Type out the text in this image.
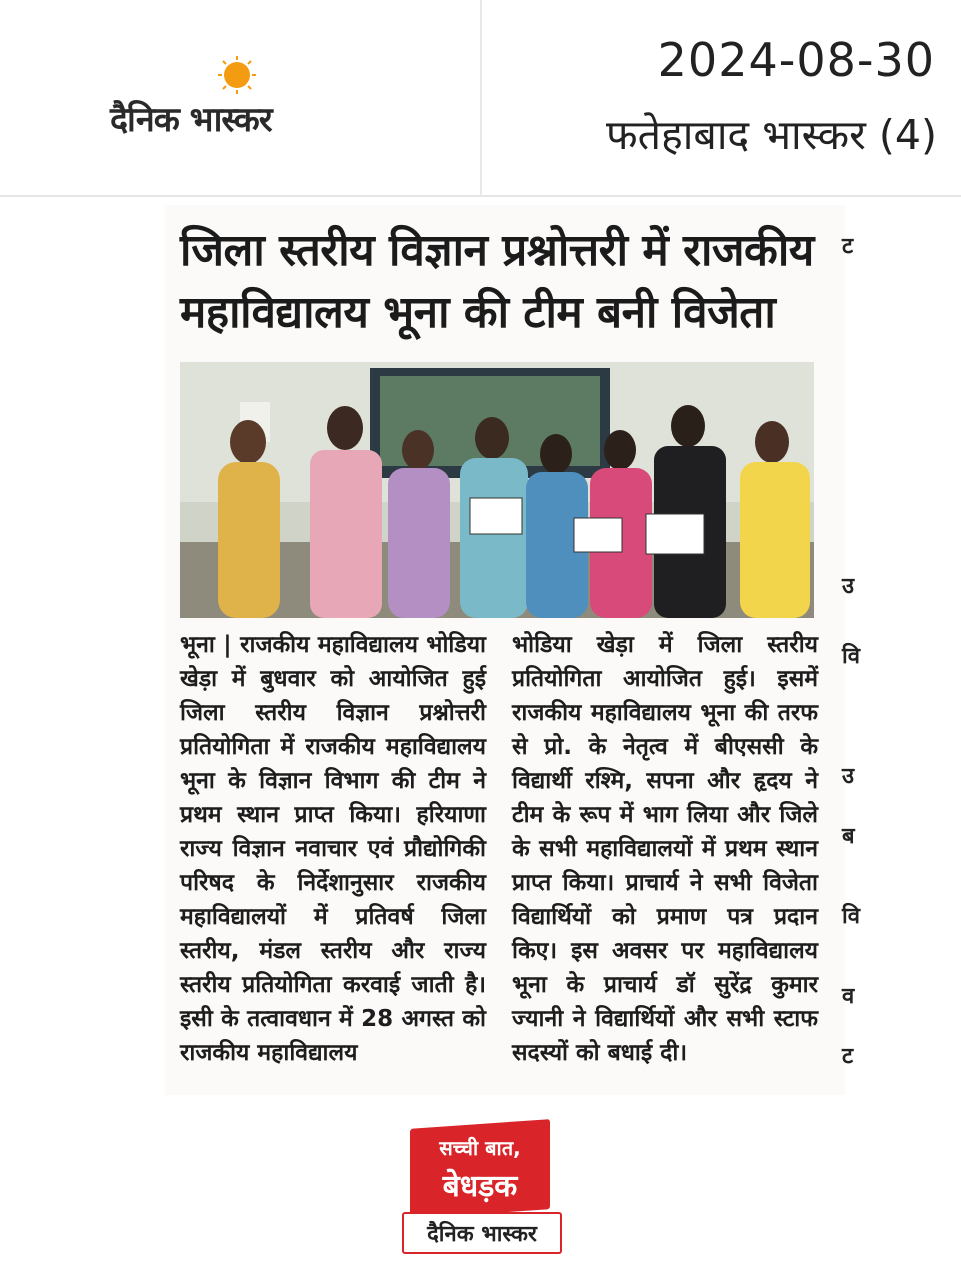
दैनिक भास्कर
2024-08-30
फतेहाबाद भास्कर (4)
जिला स्तरीय विज्ञान प्रश्नोत्तरी में राजकीय
महाविद्यालय भूना की टीम बनी विजेता
भूना | राजकीय महाविद्यालय भोडिया खेड़ा में बुधवार को आयोजित हुई जिला स्तरीय विज्ञान प्रश्नोत्तरी प्रतियोगिता में राजकीय महाविद्यालय भूना के विज्ञान विभाग की टीम ने प्रथम स्थान प्राप्त किया। हरियाणा राज्य विज्ञान नवाचार एवं प्रौद्योगिकी परिषद के निर्देशानुसार राजकीय महाविद्यालयों में प्रतिवर्ष जिला स्तरीय, मंडल स्तरीय और राज्य स्तरीय प्रतियोगिता करवाई जाती है। इसी के तत्वावधान में 28 अगस्त को राजकीय महाविद्यालय
भोडिया खेड़ा में जिला स्तरीय प्रतियोगिता आयोजित हुई। इसमें राजकीय महाविद्यालय भूना की तरफ से प्रो. के नेतृत्व में बीएससी के विद्यार्थी रश्मि, सपना और हृदय ने टीम के रूप में भाग लिया और जिले के सभी महाविद्यालयों में प्रथम स्थान प्राप्त किया। प्राचार्य ने सभी विजेता विद्यार्थियों को प्रमाण पत्र प्रदान किए। इस अवसर पर महाविद्यालय भूना के प्राचार्य डॉ सुरेंद्र कुमार ज्यानी ने विद्यार्थियों और सभी स्टाफ सदस्यों को बधाई दी।
ट
उ
वि
उ
ब
वि
व
ट
सच्ची बात,
बेधड़क
दैनिक भास्कर
